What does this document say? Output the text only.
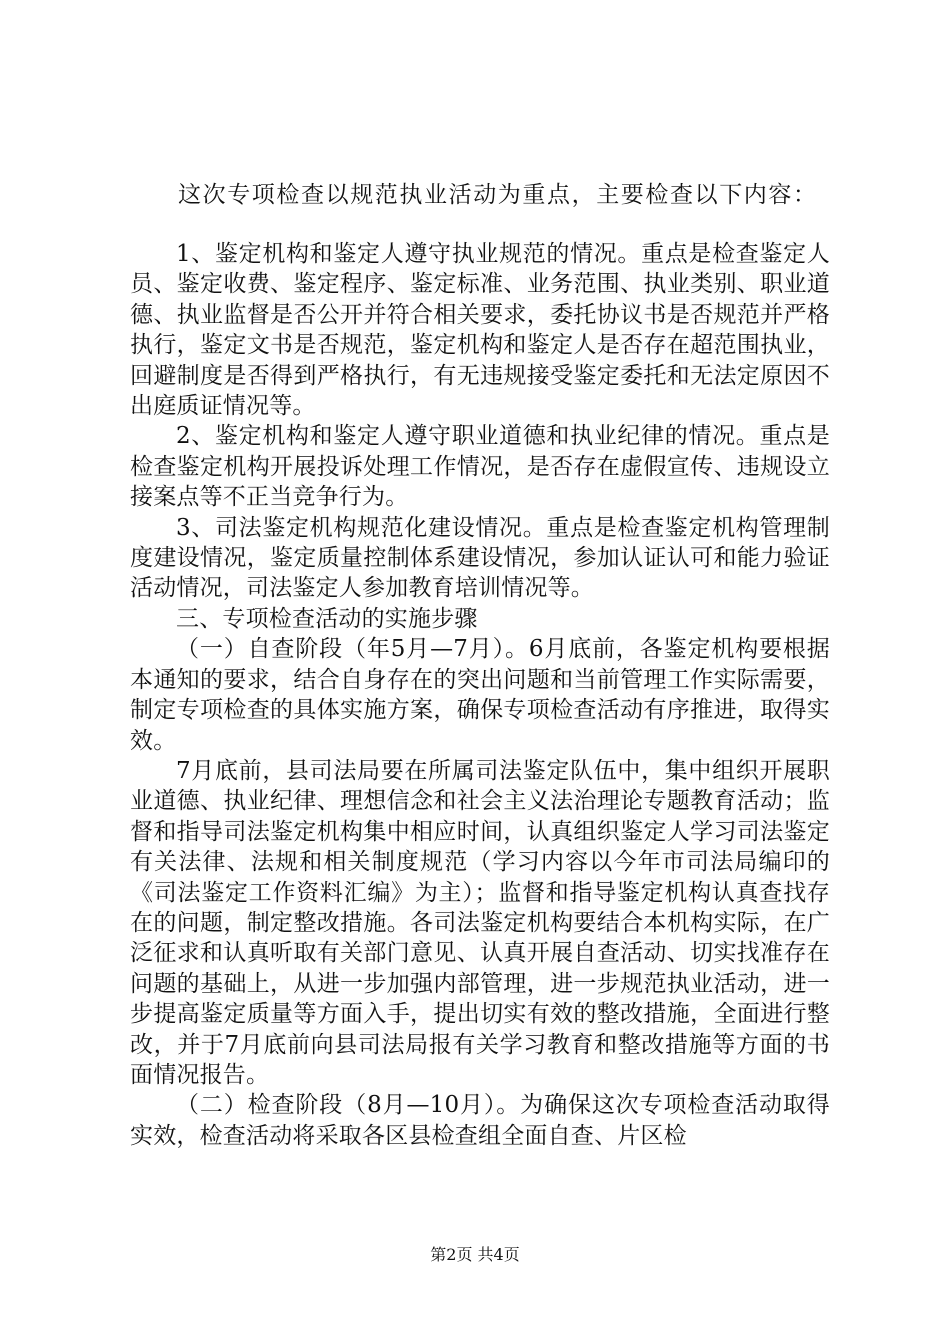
这次专项检查以规范执业活动为重点，主要检查以下内容：

1、鉴定机构和鉴定人遵守执业规范的情况。重点是检查鉴定人员、鉴定收费、鉴定程序、鉴定标准、业务范围、执业类别、职业道德、执业监督是否公开并符合相关要求，委托协议书是否规范并严格执行，鉴定文书是否规范，鉴定机构和鉴定人是否存在超范围执业，回避制度是否得到严格执行，有无违规接受鉴定委托和无法定原因不出庭质证情况等。

2、鉴定机构和鉴定人遵守职业道德和执业纪律的情况。重点是检查鉴定机构开展投诉处理工作情况，是否存在虚假宣传、违规设立接案点等不正当竞争行为。

3、司法鉴定机构规范化建设情况。重点是检查鉴定机构管理制度建设情况，鉴定质量控制体系建设情况，参加认证认可和能力验证活动情况，司法鉴定人参加教育培训情况等。

三、专项检查活动的实施步骤

（一）自查阶段（年5月—7月）。6月底前，各鉴定机构要根据本通知的要求，结合自身存在的突出问题和当前管理工作实际需要，制定专项检查的具体实施方案，确保专项检查活动有序推进，取得实效。

7月底前，县司法局要在所属司法鉴定队伍中，集中组织开展职业道德、执业纪律、理想信念和社会主义法治理论专题教育活动；监督和指导司法鉴定机构集中相应时间，认真组织鉴定人学习司法鉴定有关法律、法规和相关制度规范（学习内容以今年市司法局编印的《司法鉴定工作资料汇编》为主）；监督和指导鉴定机构认真查找存在的问题，制定整改措施。各司法鉴定机构要结合本机构实际，在广泛征求和认真听取有关部门意见、认真开展自查活动、切实找准存在问题的基础上，从进一步加强内部管理，进一步规范执业活动，进一步提高鉴定质量等方面入手，提出切实有效的整改措施，全面进行整改，并于7月底前向县司法局报有关学习教育和整改措施等方面的书面情况报告。

（二）检查阶段（8月—10月）。为确保这次专项检查活动取得实效，检查活动将采取各区县检查组全面自查、片区检

第2页 共4页
